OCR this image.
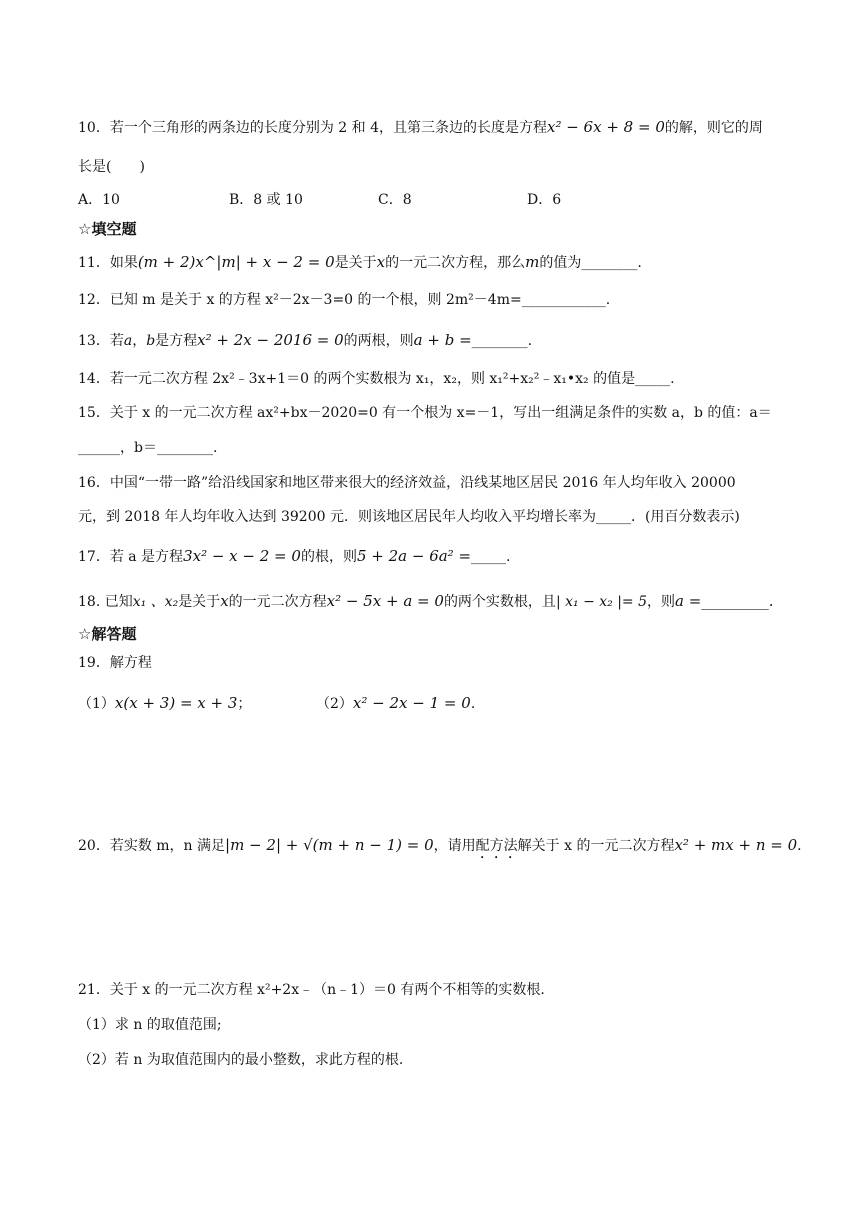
10．若一个三角形的两条边的长度分别为 2 和 4，且第三条边的长度是方程x² − 6x + 8 = 0的解，则它的周
长是(　　)
A．10	B．8 或 10	C．8	D．6
☆填空题
11．如果(m + 2)x^|m| + x − 2 = 0是关于x的一元二次方程，那么m的值为________.
12．已知 m 是关于 x 的方程 x²－2x－3=0 的一个根，则 2m²－4m=____________.
13．若a，b是方程x² + 2x − 2016 = 0的两根，则a + b =________.
14．若一元二次方程 2x²﹣3x+1＝0 的两个实数根为 x₁，x₂，则 x₁²+x₂²﹣x₁•x₂ 的值是_____.
15．关于 x 的一元二次方程 ax²+bx－2020=0 有一个根为 x=－1，写出一组满足条件的实数 a，b 的值：a＝
______，b＝________.
16．中国“一带一路”给沿线国家和地区带来很大的经济效益，沿线某地区居民 2016 年人均年收入 20000
元，到 2018 年人均年收入达到 39200 元．则该地区居民年人均收入平均增长率为_____．(用百分数表示)
17．若 a 是方程3x² − x − 2 = 0的根，则5 + 2a − 6a² =_____.
18. 已知x₁ 、x₂是关于x的一元二次方程x² − 5x + a = 0的两个实数根，且| x₁ − x₂ |= 5，则a =_________.
☆解答题
19．解方程
（1）x(x + 3) = x + 3；	（2）x² − 2x − 1 = 0.
20．若实数 m，n 满足|m − 2| + √(m + n − 1) = 0，请用配方法解关于 x 的一元二次方程x² + mx + n = 0.
21．关于 x 的一元二次方程 x²+2x﹣（n﹣1）＝0 有两个不相等的实数根.
（1）求 n 的取值范围;
（2）若 n 为取值范围内的最小整数，求此方程的根.
